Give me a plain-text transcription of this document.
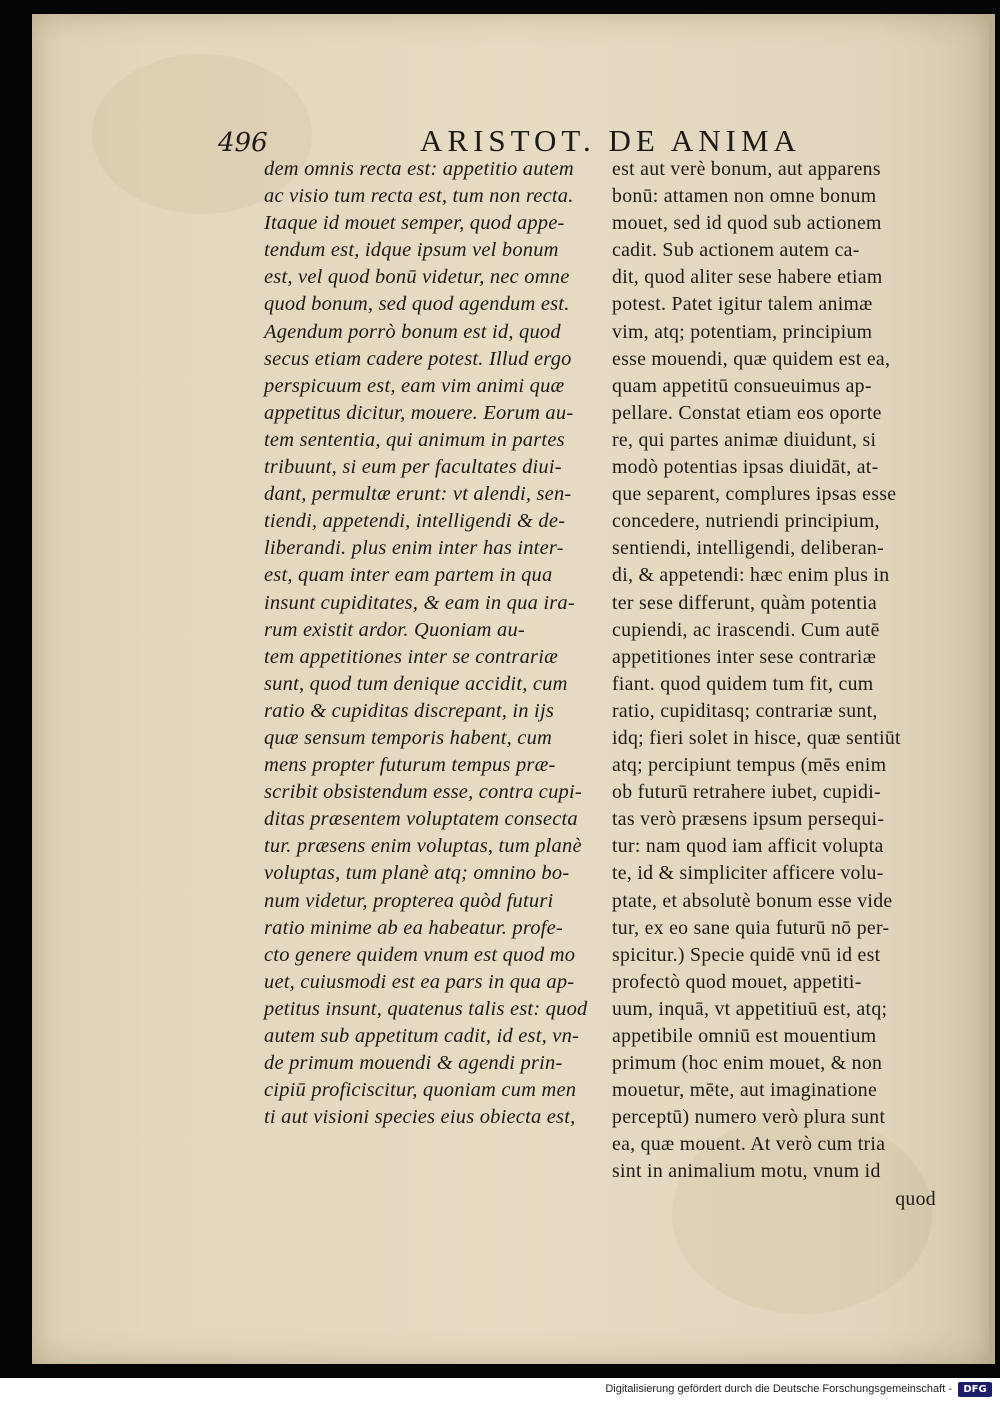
496	ARISTOT. DE ANIMA
dem omnis recta est: appetitio autem
ac visio tum recta est, tum non recta.
Itaque id mouet semper, quod appe-
tendum est, idque ipsum vel bonum
est, vel quod bonū videtur, nec omne
quod bonum, sed quod agendum est.
Agendum porrò bonum est id, quod
secus etiam cadere potest. Illud ergo
perspicuum est, eam vim animi quæ
appetitus dicitur, mouere. Eorum au-
tem sententia, qui animum in partes
tribuunt, si eum per facultates diui-
dant, permultæ erunt: vt alendi, sen-
tiendi, appetendi, intelligendi & de-
liberandi. plus enim inter has inter-
est, quam inter eam partem in qua
insunt cupiditates, & eam in qua ira-
rum existit ardor. Quoniam au-
tem appetitiones inter se contrariæ
sunt, quod tum denique accidit, cum
ratio & cupiditas discrepant, in ijs
quæ sensum temporis habent, cum
mens propter futurum tempus præ-
scribit obsistendum esse, contra cupi-
ditas præsentem voluptatem consecta
tur. præsens enim voluptas, tum planè
voluptas, tum planè atq; omnino bo-
num videtur, propterea quòd futuri
ratio minime ab ea habeatur. profe-
cto genere quidem vnum est quod mo
uet, cuiusmodi est ea pars in qua ap-
petitus insunt, quatenus talis est: quod
autem sub appetitum cadit, id est, vn-
de primum mouendi & agendi prin-
cipiū proficiscitur, quoniam cum men
ti aut visioni species eius obiecta est,
est aut verè bonum, aut apparens
bonū: attamen non omne bonum
mouet, sed id quod sub actionem
cadit. Sub actionem autem ca-
dit, quod aliter sese habere etiam
potest. Patet igitur talem animæ
vim, atq; potentiam, principium
esse mouendi, quæ quidem est ea,
quam appetitū consueuimus ap-
pellare. Constat etiam eos oporte
re, qui partes animæ diuidunt, si
modò potentias ipsas diuidāt, at-
que separent, complures ipsas esse
concedere, nutriendi principium,
sentiendi, intelligendi, deliberan-
di, & appetendi: hæc enim plus in
ter sese differunt, quàm potentia
cupiendi, ac irascendi. Cum autē
appetitiones inter sese contrariæ
fiant. quod quidem tum fit, cum
ratio, cupiditasq; contrariæ sunt,
idq; fieri solet in hisce, quæ sentiūt
atq; percipiunt tempus (mēs enim
ob futurū retrahere iubet, cupidi-
tas verò præsens ipsum persequi-
tur: nam quod iam afficit volupta
te, id & simpliciter afficere volu-
ptate, et absolutè bonum esse vide
tur, ex eo sane quia futurū nō per-
spicitur.) Specie quidē vnū id est
profectò quod mouet, appetiti-
uum, inquā, vt appetitiuū est, atq;
appetibile omniū est mouentium
primum (hoc enim mouet, & non
mouetur, mēte, aut imaginatione
perceptū) numero verò plura sunt
ea, quæ mouent. At verò cum tria
sint in animalium motu, vnum id
quod
Digitalisierung gefördert durch die Deutsche Forschungsgemeinschaft -	DFG
